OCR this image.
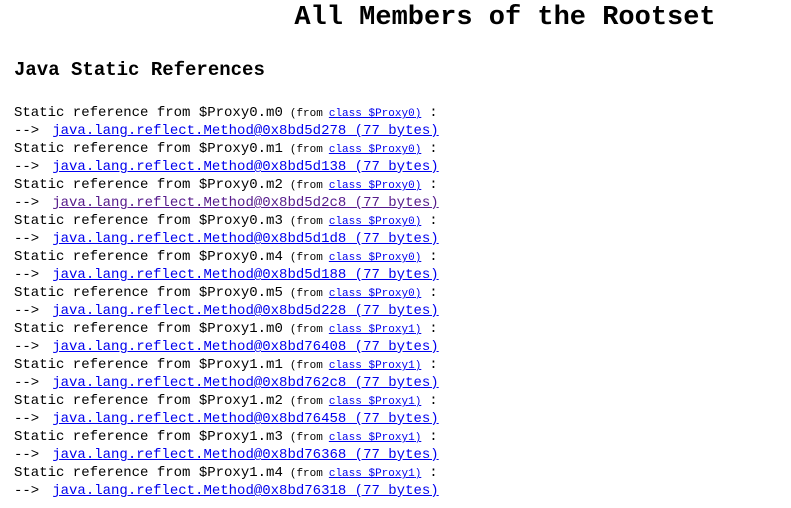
All Members of the Rootset
Java Static References
Static reference from $Proxy0.m0 (from class $Proxy0) :
--> java.lang.reflect.Method@0x8bd5d278 (77 bytes)
Static reference from $Proxy0.m1 (from class $Proxy0) :
--> java.lang.reflect.Method@0x8bd5d138 (77 bytes)
Static reference from $Proxy0.m2 (from class $Proxy0) :
--> java.lang.reflect.Method@0x8bd5d2c8 (77 bytes)
Static reference from $Proxy0.m3 (from class $Proxy0) :
--> java.lang.reflect.Method@0x8bd5d1d8 (77 bytes)
Static reference from $Proxy0.m4 (from class $Proxy0) :
--> java.lang.reflect.Method@0x8bd5d188 (77 bytes)
Static reference from $Proxy0.m5 (from class $Proxy0) :
--> java.lang.reflect.Method@0x8bd5d228 (77 bytes)
Static reference from $Proxy1.m0 (from class $Proxy1) :
--> java.lang.reflect.Method@0x8bd76408 (77 bytes)
Static reference from $Proxy1.m1 (from class $Proxy1) :
--> java.lang.reflect.Method@0x8bd762c8 (77 bytes)
Static reference from $Proxy1.m2 (from class $Proxy1) :
--> java.lang.reflect.Method@0x8bd76458 (77 bytes)
Static reference from $Proxy1.m3 (from class $Proxy1) :
--> java.lang.reflect.Method@0x8bd76368 (77 bytes)
Static reference from $Proxy1.m4 (from class $Proxy1) :
--> java.lang.reflect.Method@0x8bd76318 (77 bytes)
